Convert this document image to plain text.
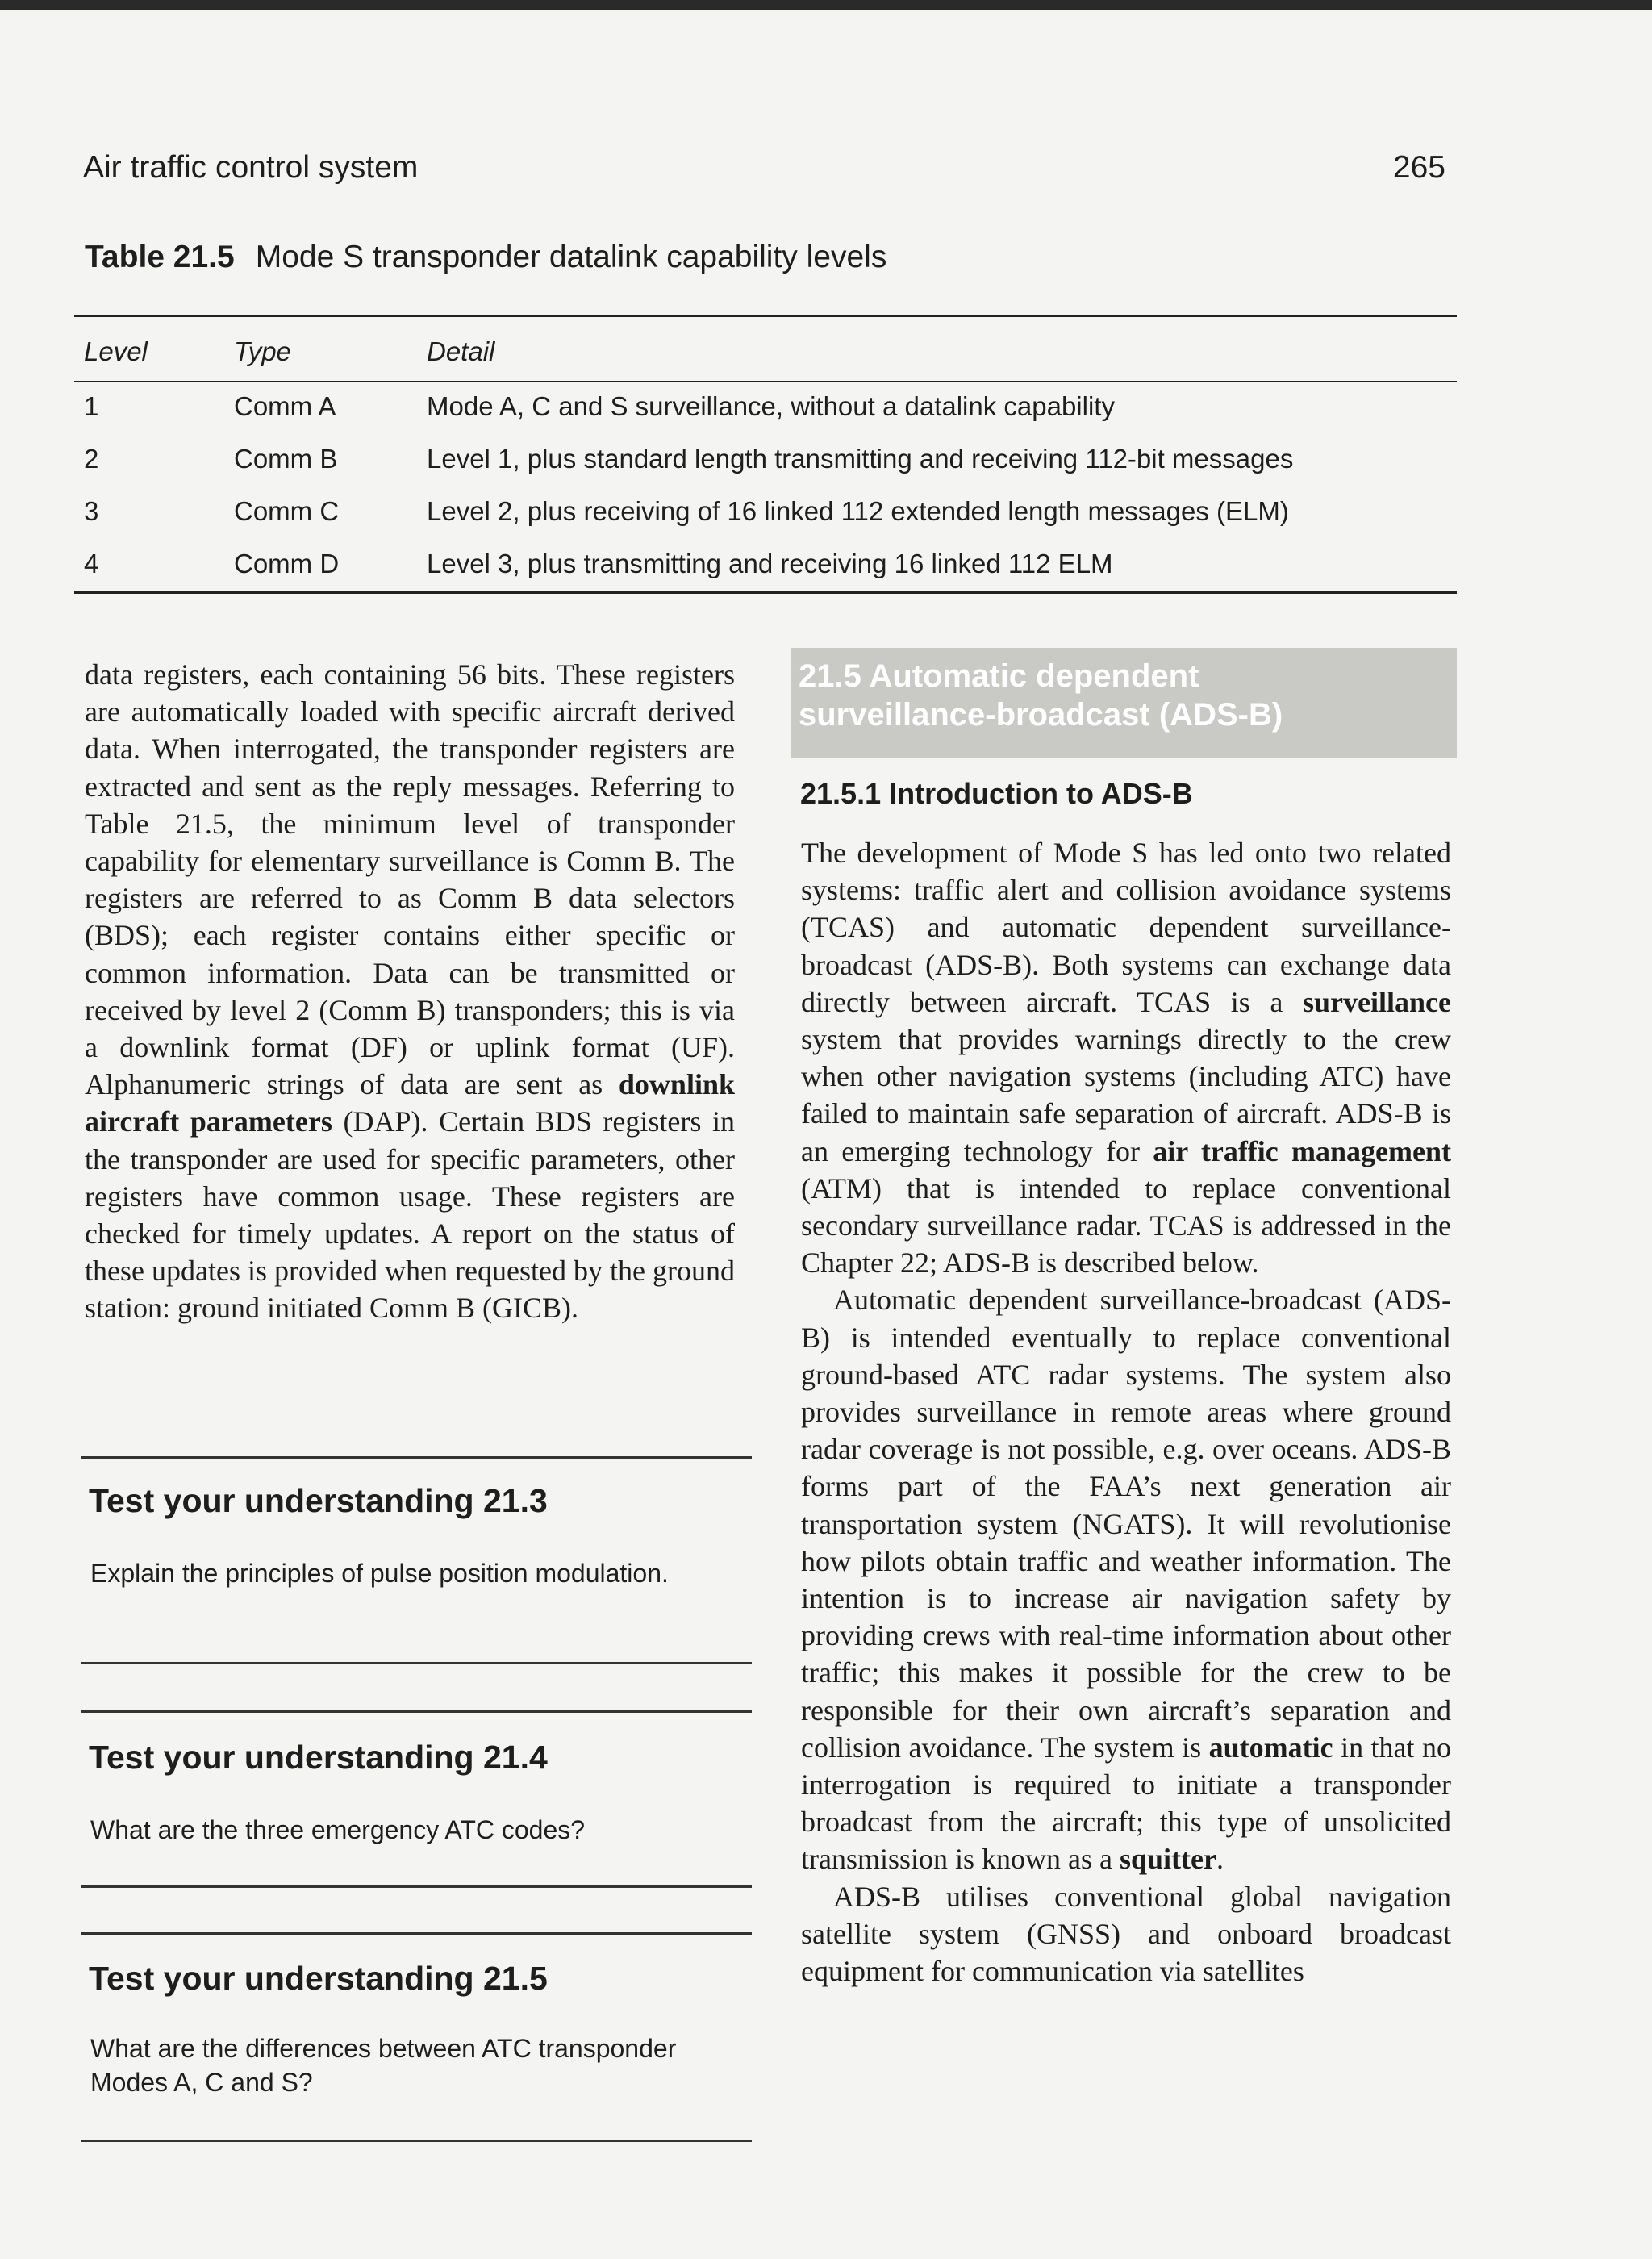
Air traffic control system	265
Table 21.5 Mode S transponder datalink capability levels
Level	Type	Detail
1	Comm A	Mode A, C and S surveillance, without a datalink capability
2	Comm B	Level 1, plus standard length transmitting and receiving 112-bit messages
3	Comm C	Level 2, plus receiving of 16 linked 112 extended length messages (ELM)
4	Comm D	Level 3, plus transmitting and receiving 16 linked 112 ELM
data registers, each containing 56 bits. These registers are automatically loaded with specific aircraft derived data. When interrogated, the transponder registers are extracted and sent as the reply messages. Referring to Table 21.5, the minimum level of transponder capability for elementary surveillance is Comm B. The registers are referred to as Comm B data selectors (BDS); each register contains either specific or common information. Data can be transmitted or received by level 2 (Comm B) transponders; this is via a downlink format (DF) or uplink format (UF). Alphanumeric strings of data are sent as downlink aircraft parameters (DAP). Certain BDS registers in the transponder are used for specific parameters, other registers have common usage. These registers are checked for timely updates. A report on the status of these updates is provided when requested by the ground station: ground initiated Comm B (GICB).
Test your understanding 21.3
Explain the principles of pulse position modulation.
Test your understanding 21.4
What are the three emergency ATC codes?
Test your understanding 21.5
What are the differences between ATC transponder Modes A, C and S?
21.5 Automatic dependent surveillance-broadcast (ADS-B)
21.5.1 Introduction to ADS-B

The development of Mode S has led onto two related systems: traffic alert and collision avoidance systems (TCAS) and automatic dependent surveillance-broadcast (ADS-B). Both systems can exchange data directly between aircraft. TCAS is a surveillance system that provides warnings directly to the crew when other navigation systems (including ATC) have failed to maintain safe separation of aircraft. ADS-B is an emerging technology for air traffic management (ATM) that is intended to replace conventional secondary surveillance radar. TCAS is addressed in the Chapter 22; ADS-B is described below.

Automatic dependent surveillance-broadcast (ADS-B) is intended eventually to replace conventional ground-based ATC radar systems. The system also provides surveillance in remote areas where ground radar coverage is not possible, e.g. over oceans. ADS-B forms part of the FAA’s next generation air transportation system (NGATS). It will revolutionise how pilots obtain traffic and weather information. The intention is to increase air navigation safety by providing crews with real-time information about other traffic; this makes it possible for the crew to be responsible for their own aircraft’s separation and collision avoidance. The system is automatic in that no interrogation is required to initiate a transponder broadcast from the aircraft; this type of unsolicited transmission is known as a squitter.

ADS-B utilises conventional global navigation satellite system (GNSS) and onboard broadcast equipment for communication via satellites
